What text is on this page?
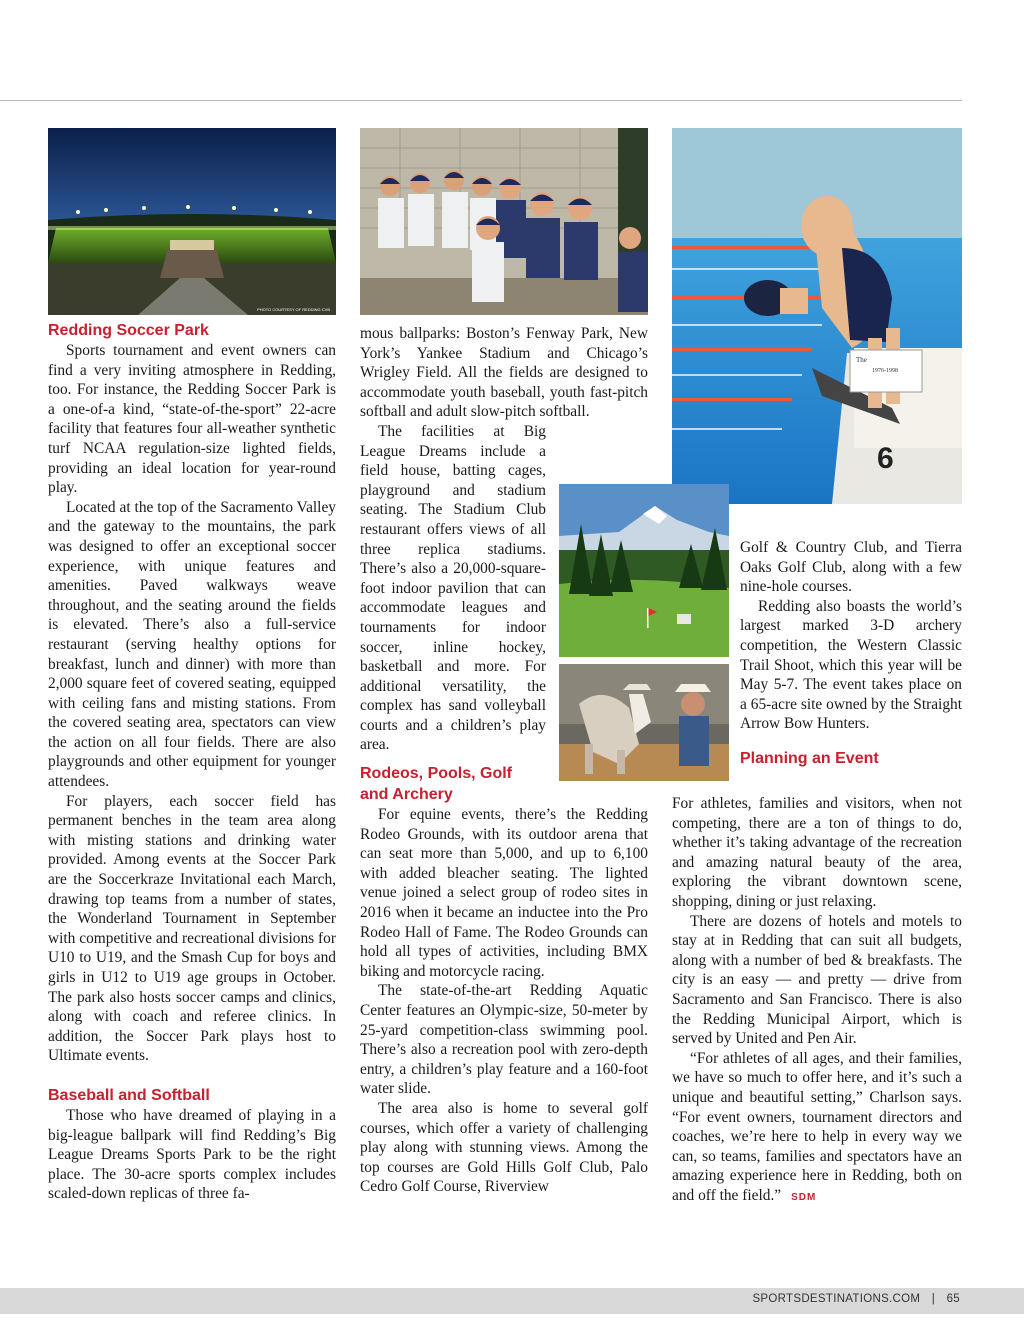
PHOTO COURTESY OF REDDING CVB
6
The
1976-1998
Redding Soccer Park

Sports tournament and event owners can find a very inviting atmosphere in Redding, too. For instance, the Redding Soccer Park is a one-of-a kind, “state-of-the-sport” 22-acre facility that features four all-weather synthetic turf NCAA regulation-size lighted fields, providing an ideal location for year-round play.

Located at the top of the Sacramento Valley and the gateway to the mountains, the park was designed to offer an exceptional soccer experience, with unique features and amenities. Paved walkways weave throughout, and the seating around the fields is elevated. There’s also a full-service restaurant (serving healthy options for breakfast, lunch and dinner) with more than 2,000 square feet of covered seating, equipped with ceiling fans and misting stations. From the covered seating area, spectators can view the action on all four fields. There are also playgrounds and other equipment for younger attendees.

For players, each soccer field has permanent benches in the team area along with misting stations and drinking water provided. Among events at the Soccer Park are the Soccerkraze Invitational each March, drawing top teams from a number of states, the Wonderland Tournament in September with competitive and recreational divisions for U10 to U19, and the Smash Cup for boys and girls in U12 to U19 age groups in October. The park also hosts soccer camps and clinics, along with coach and referee clinics. In addition, the Soccer Park plays host to Ultimate events.

Baseball and Softball

Those who have dreamed of playing in a big-league ballpark will find Redding’s Big League Dreams Sports Park to be the right place. The 30-acre sports complex includes scaled-down replicas of three fa-

mous ballparks: Boston’s Fenway Park, New York’s Yankee Stadium and Chicago’s Wrigley Field. All the fields are designed to accommodate youth baseball, youth fast-pitch softball and adult slow-pitch softball.

The facilities at Big League Dreams include a field house, batting cages, playground and stadium seating. The Stadium Club restaurant offers views of all three replica stadiums. There’s also a 20,000-square-foot indoor pavilion that can accommodate leagues and tournaments for indoor soccer, inline hockey, basketball and more. For additional versatility, the complex has sand volleyball courts and a children’s play area.

Rodeos, Pools, Golf
and Archery

For equine events, there’s the Redding Rodeo Grounds, with its outdoor arena that can seat more than 5,000, and up to 6,100 with added bleacher seating. The lighted venue joined a select group of rodeo sites in 2016 when it became an inductee into the Pro Rodeo Hall of Fame. The Rodeo Grounds can hold all types of activities, including BMX biking and motorcycle racing.

The state-of-the-art Redding Aquatic Center features an Olympic-size, 50-meter by 25-yard competition-class swimming pool. There’s also a recreation pool with zero-depth entry, a children’s play feature and a 160-foot water slide.

The area also is home to several golf courses, which offer a variety of challenging play along with stunning views. Among the top courses are Gold Hills Golf Club, Palo Cedro Golf Course, Riverview

Golf & Country Club, and Tierra Oaks Golf Club, along with a few nine-hole courses.

Redding also boasts the world’s largest marked 3-D archery competition, the Western Classic Trail Shoot, which this year will be May 5-7. The event takes place on a 65-acre site owned by the Straight Arrow Bow Hunters.

Planning an Event

For athletes, families and visitors, when not competing, there are a ton of things to do, whether it’s taking advantage of the recreation and amazing natural beauty of the area, exploring the vibrant downtown scene, shopping, dining or just relaxing.

There are dozens of hotels and motels to stay at in Redding that can suit all budgets, along with a number of bed & breakfasts. The city is an easy — and pretty — drive from Sacramento and San Francisco. There is also the Redding Municipal Airport, which is served by United and Pen Air.

“For athletes of all ages, and their families, we have so much to offer here, and it’s such a unique and beautiful setting,” Charlson says. “For event owners, tournament directors and coaches, we’re here to help in every way we can, so teams, families and spectators have an amazing experience here in Redding, both on and off the field.” SDM

SPORTSDESTINATIONS.COM | 65
